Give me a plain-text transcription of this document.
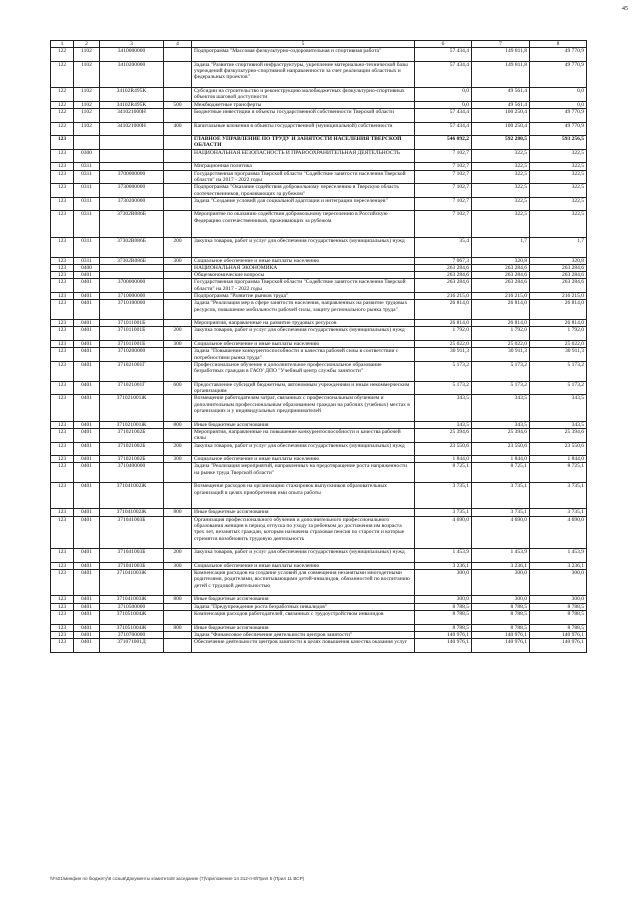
45
1	2	3	4	5	6	7	8
122	1102	3410000000		Подпрограмма "Массовая физкультурно-оздоровительная и спортивная работа"	57 434,4	149 811,8	49 770,9
122	1102	3410200000		Задача "Развитие спортивной инфраструктуры, укрепление материально-технической базы учреждений физкультурно-спортивной направленности за счет реализации областных и федеральных проектов"	57 434,4	149 811,8	49 770,9
122	1102	34102R495K		Субсидии на строительство и реконструкцию малобюджетных физкультурно-спортивных объектов шаговой доступности	0,0	49 561,4	0,0
122	1102	34102R495K	500	Межбюджетные трансферты	0,0	49 561,4	0,0
122	1102	341021000Н		Бюджетные инвестиции в объекты государственной собственности Тверской области	57 434,4	100 250,4	49 770,9
122	1102	341021000Н	400	Капитальные вложения в объекты государственной (муниципальной) собственности	57 434,4	100 250,4	49 770,9
123				ГЛАВНОЕ УПРАВЛЕНИЕ ПО ТРУДУ И ЗАНЯТОСТИ НАСЕЛЕНИЯ ТВЕРСКОЙ ОБЛАСТИ	546 092,2	592 280,5	593 256,5
123	0300			НАЦИОНАЛЬНАЯ БЕЗОПАСНОСТЬ И ПРАВООХРАНИТЕЛЬНАЯ ДЕЯТЕЛЬНОСТЬ	7 102,7	322,5	322,5
123	0311			Миграционная политика	7 102,7	322,5	322,5
123	0311	3700000000		Государственная программа Тверской области "Содействие занятости населения Тверской области" на 2017 - 2022 годы	7 102,7	322,5	322,5
123	0311	3730000000		Подпрограмма "Оказание содействия добровольному переселению в Тверскую область соотечественников, проживающих за рубежом"	7 102,7	322,5	322,5
123	0311	3730200000		Задача "Создание условий для социальной адаптации и интеграции переселенцев"	7 102,7	322,5	322,5
123	0311	37302R086Б		Мероприятие по оказанию содействия добровольному переселению в Российскую Федерацию соотечественников, проживающих за рубежом	7 102,7	322,5	322,5
123	0311	37302R086Б	200	Закупка товаров, работ и услуг для обеспечения государственных (муниципальных) нужд	35,4	1,7	1,7
123	0311	37302R086Б	300	Социальное обеспечение и иные выплаты населению	7 067,3	320,8	320,8
123	0400			НАЦИОНАЛЬНАЯ ЭКОНОМИКА	263 284,6	263 284,6	263 284,6
123	0401			Общеэкономические вопросы	263 284,6	263 284,6	263 284,6
123	0401	3700000000		Государственная программа Тверской области "Содействие занятости населения Тверской области" на 2017 - 2022 годы	263 284,6	263 284,6	263 284,6
123	0401	3710000000		Подпрограмма "Развитие рынков труда"	216 215,0	216 215,0	216 215,0
123	0401	3710100000		Задача "Реализация мер в сфере занятости населения, направленных на развитие трудовых ресурсов, повышение мобильности рабочей силы, защиту регионального рынка труда"	26 814,0	26 814,0	26 814,0
123	0401	371011001Б		Мероприятия, направленные на развитие трудовых ресурсов	26 814,0	26 814,0	26 814,0
123	0401	371011001Б	200	Закупка товаров, работ и услуг для обеспечения государственных (муниципальных) нужд	1 792,0	1 792,0	1 792,0
123	0401	371011001Б	300	Социальное обеспечение и иные выплаты населению	25 022,0	25 022,0	25 022,0
123	0401	3710200000		Задача "Повышение конкурентоспособности и качества рабочей силы в соответствии с потребностями рынка труда"	30 911,3	30 911,3	30 911,3
123	0401	371021001Г		Профессиональное обучение и дополнительное профессиональное образование безработных граждан в ГАОУ ДПО "Учебный центр службы занятости"	5 173,2	5 173,2	5 173,2
123	0401	371021001Г	600	Предоставление субсидий бюджетным, автономным учреждениям и иным некоммерческим организациям	5 173,2	5 173,2	5 173,2
123	0401	371021001Ж		Возмещение работодателям затрат, связанных с профессиональным обучением и дополнительным профессиональным образованием граждан на рабочих (учебных) местах в организациях и у индивидуальных предпринимателей	343,5	343,5	343,5
123	0401	371021001Ж	800	Иные бюджетные ассигнования	343,5	343,5	343,5
123	0401	371021002Б		Мероприятия, направленные на повышение конкурентоспособности и качества рабочей силы	25 394,6	25 394,6	25 394,6
123	0401	371021002Б	200	Закупка товаров, работ и услуг для обеспечения государственных (муниципальных) нужд	23 550,6	23 550,6	23 550,6
123	0401	371021002Б	300	Социальное обеспечение и иные выплаты населению	1 844,0	1 844,0	1 844,0
123	0401	3710400000		Задача "Реализация мероприятий, направленных на предотвращение роста напряженности на рынке труда Тверской области"	8 725,1	8 725,1	8 725,1
123	0401	371041002Ж		Возмещение расходов на организацию стажировок выпускников образовательных организаций в целях приобретения ими опыта работы	3 735,1	3 735,1	3 735,1
123	0401	371041002Ж	800	Иные бюджетные ассигнования	3 735,1	3 735,1	3 735,1
123	0401	371041003Б		Организация профессионального обучения и дополнительного профессионального образования женщин в период отпуска по уходу за ребенком до достижения им возраста трех лет, незанятых граждан, которым назначена страховая пенсия по старости и которые стремятся возобновить трудовую деятельность	4 690,0	4 690,0	4 690,0
123	0401	371041003Б	200	Закупка товаров, работ и услуг для обеспечения государственных (муниципальных) нужд	1 453,9	1 453,9	1 453,9
123	0401	371041003Б	300	Социальное обеспечение и иные выплаты населению	3 236,1	3 236,1	3 236,1
123	0401	371041003Ж		Компенсация расходов на создание условий для совмещения незанятыми многодетными родителями, родителями, воспитывающими детей-инвалидов, обязанностей по воспитанию детей с трудовой деятельностью	300,0	300,0	300,0
123	0401	371041003Ж	800	Иные бюджетные ассигнования	300,0	300,0	300,0
123	0401	3710500000		Задача "Предупреждение роста безработных инвалидов"	8 788,5	8 788,5	8 788,5
123	0401	371051004Ж		Компенсация расходов работодателей, связанных с трудоустройством инвалидов	8 788,5	8 788,5	8 788,5
123	0401	371051004Ж	800	Иные бюджетные ассигнования	8 788,5	8 788,5	8 788,5
123	0401	3710700000		Задача "Финансовое обеспечение деятельности центров занятости"	140 976,1	140 976,1	140 976,1
123	0401	371071001Д		Обеспечение деятельности центров занятости в целях повышения качества оказания услуг	140 976,1	140 976,1	140 976,1
\\Fs01\минфин по бюджету\8 созыв\Документы комитета\8 заседание (7)\приложение 14 312-п-8\Прил 5 (Прил 11 ВСР)
